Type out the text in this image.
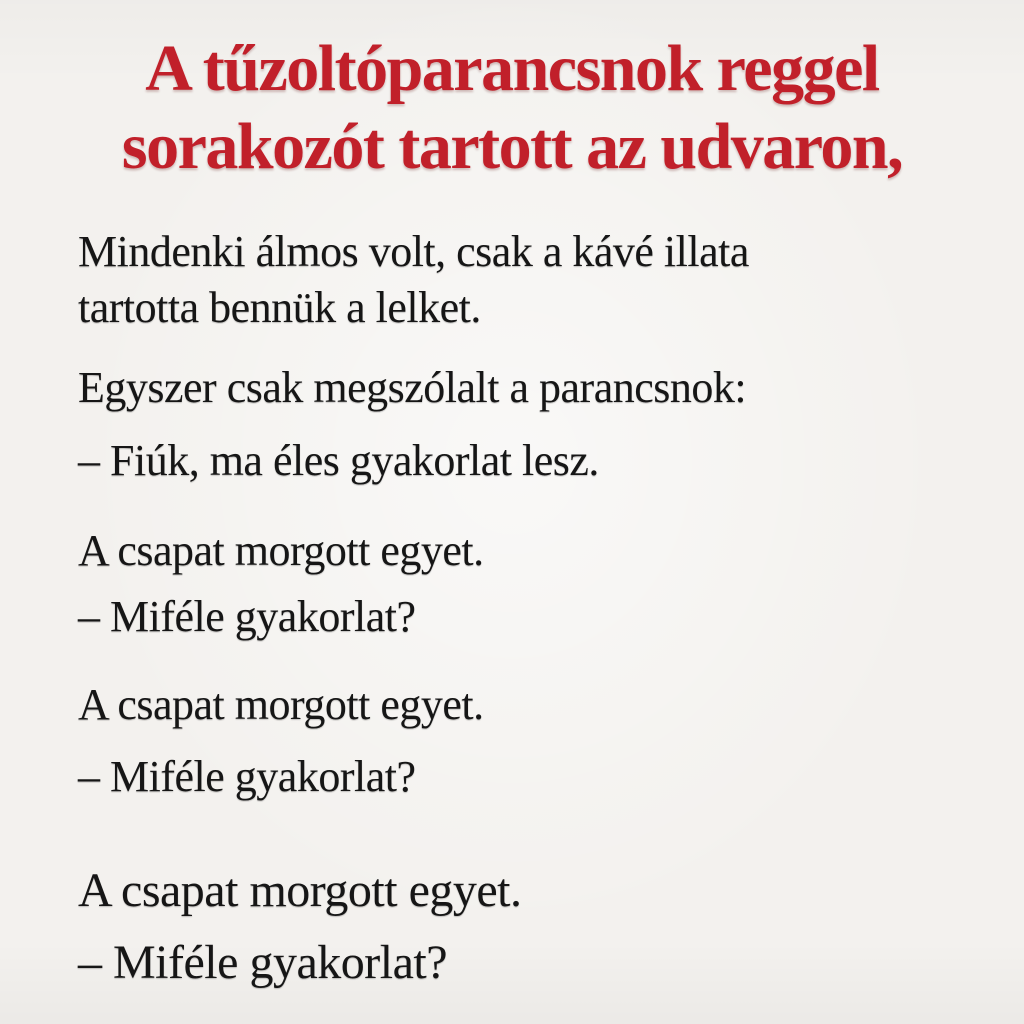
A tűzoltóparancsnok reggel sorakozót tartott az udvaron,

Mindenki álmos volt, csak a kávé illata tartotta bennük a lelket.

Egyszer csak megszólalt a parancsnok:

– Fiúk, ma éles gyakorlat lesz.

A csapat morgott egyet.

– Miféle gyakorlat?

A csapat morgott egyet.

– Miféle gyakorlat?

A csapat morgott egyet.

– Miféle gyakorlat?
